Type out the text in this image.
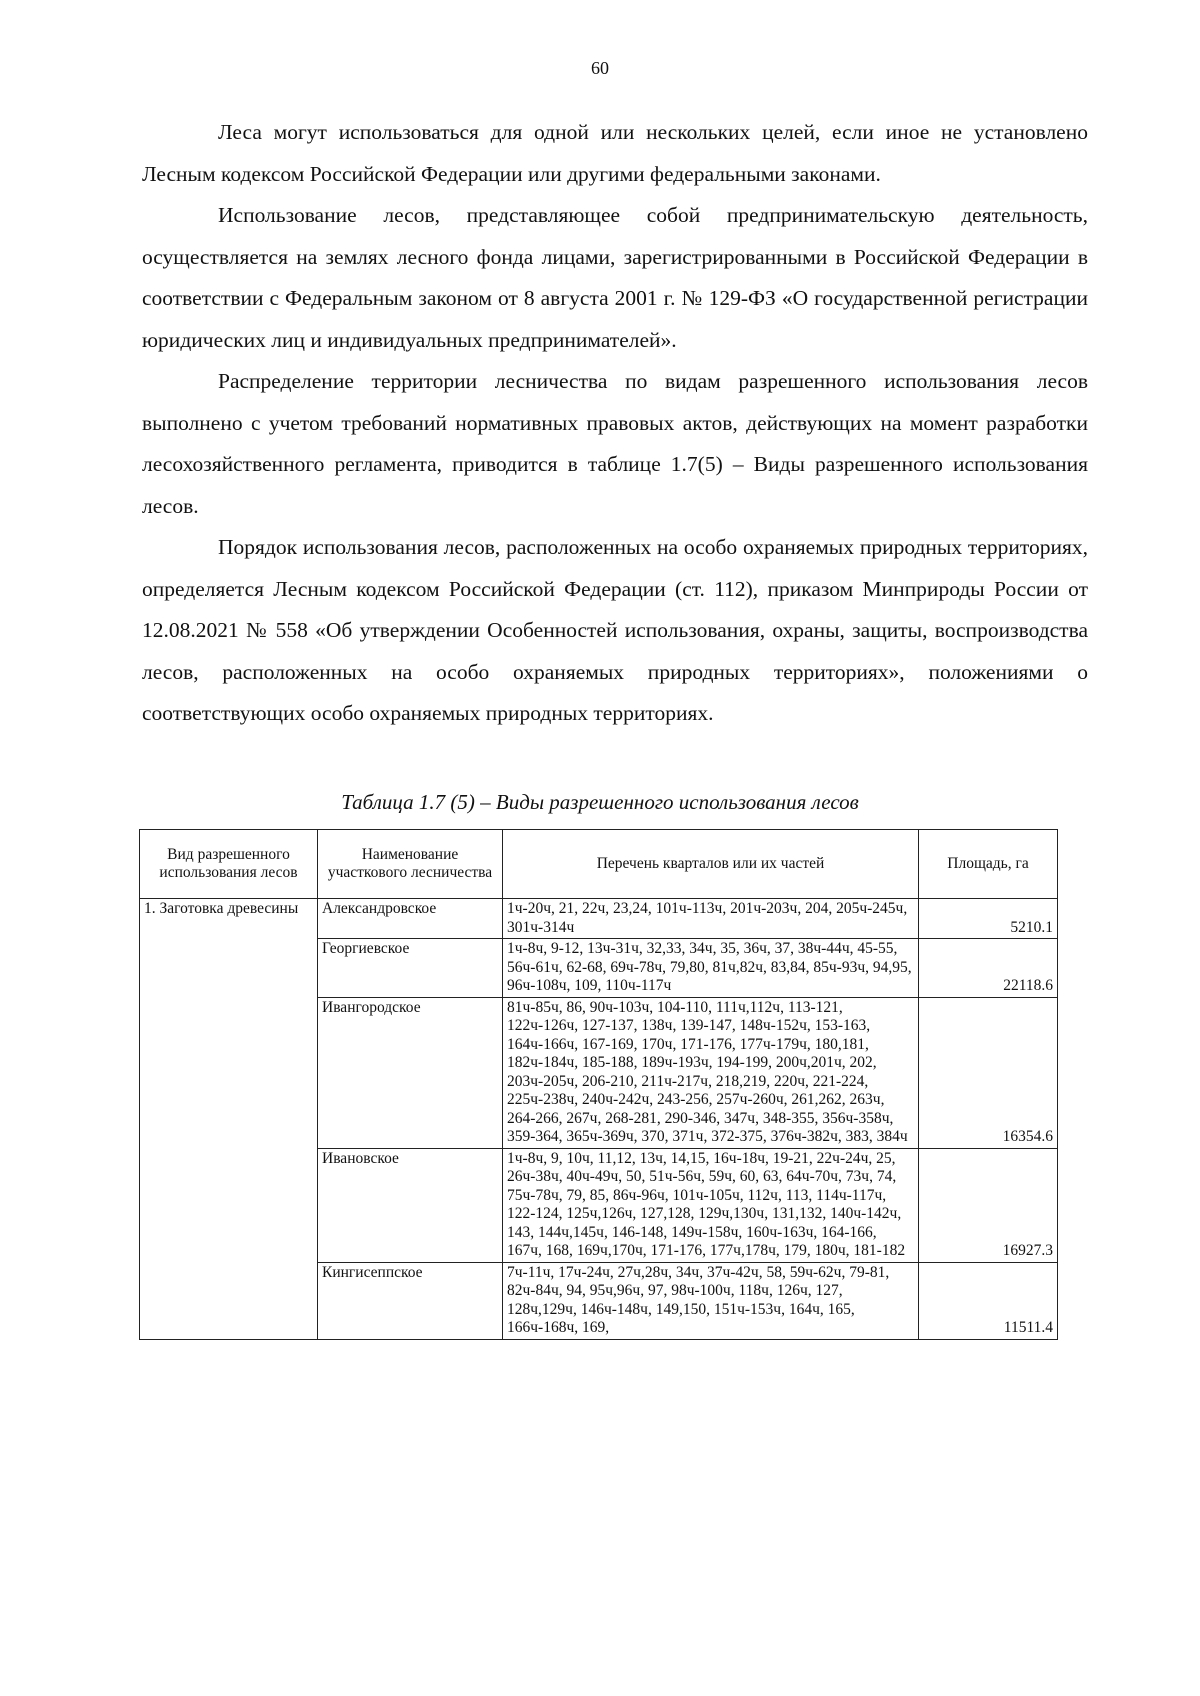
60

Леса могут использоваться для одной или нескольких целей, если иное не установлено Лесным кодексом Российской Федерации или другими федеральными законами.

Использование лесов, представляющее собой предпринимательскую деятельность, осуществляется на землях лесного фонда лицами, зарегистрированными в Российской Федерации в соответствии с Федеральным законом от 8 августа 2001 г. № 129-ФЗ «О государственной регистрации юридических лиц и индивидуальных предпринимателей».

Распределение территории лесничества по видам разрешенного использования лесов выполнено с учетом требований нормативных правовых актов, действующих на момент разработки лесохозяйственного регламента, приводится в таблице 1.7(5) – Виды разрешенного использования лесов.

Порядок использования лесов, расположенных на особо охраняемых природных территориях, определяется Лесным кодексом Российской Федерации (ст. 112), приказом Минприроды России от 12.08.2021 № 558 «Об утверждении Особенностей использования, охраны, защиты, воспроизводства лесов, расположенных на особо охраняемых природных территориях», положениями о соответствующих особо охраняемых природных территориях.

Таблица 1.7 (5) – Виды разрешенного использования лесов
Вид разрешенного использования лесов	Наименование участкового лесничества	Перечень кварталов или их частей	Площадь, га
1. Заготовка древесины	Александровское	1ч-20ч, 21, 22ч, 23,24, 101ч-113ч, 201ч-203ч, 204, 205ч-245ч, 301ч-314ч	5210.1
	Георгиевское	1ч-8ч, 9-12, 13ч-31ч, 32,33, 34ч, 35, 36ч, 37, 38ч-44ч, 45-55, 56ч-61ч, 62-68, 69ч-78ч, 79,80, 81ч,82ч, 83,84, 85ч-93ч, 94,95, 96ч-108ч, 109, 110ч-117ч	22118.6
	Ивангородское	81ч-85ч, 86, 90ч-103ч, 104-110, 111ч,112ч, 113-121, 122ч-126ч, 127-137, 138ч, 139-147, 148ч-152ч, 153-163, 164ч-166ч, 167-169, 170ч, 171-176, 177ч-179ч, 180,181, 182ч-184ч, 185-188, 189ч-193ч, 194-199, 200ч,201ч, 202, 203ч-205ч, 206-210, 211ч-217ч, 218,219, 220ч, 221-224, 225ч-238ч, 240ч-242ч, 243-256, 257ч-260ч, 261,262, 263ч, 264-266, 267ч, 268-281, 290-346, 347ч, 348-355, 356ч-358ч, 359-364, 365ч-369ч, 370, 371ч, 372-375, 376ч-382ч, 383, 384ч	16354.6
	Ивановское	1ч-8ч, 9, 10ч, 11,12, 13ч, 14,15, 16ч-18ч, 19-21, 22ч-24ч, 25, 26ч-38ч, 40ч-49ч, 50, 51ч-56ч, 59ч, 60, 63, 64ч-70ч, 73ч, 74, 75ч-78ч, 79, 85, 86ч-96ч, 101ч-105ч, 112ч, 113, 114ч-117ч, 122-124, 125ч,126ч, 127,128, 129ч,130ч, 131,132, 140ч-142ч, 143, 144ч,145ч, 146-148, 149ч-158ч, 160ч-163ч, 164-166, 167ч, 168, 169ч,170ч, 171-176, 177ч,178ч, 179, 180ч, 181-182	16927.3
	Кингисеппское	7ч-11ч, 17ч-24ч, 27ч,28ч, 34ч, 37ч-42ч, 58, 59ч-62ч, 79-81, 82ч-84ч, 94, 95ч,96ч, 97, 98ч-100ч, 118ч, 126ч, 127, 128ч,129ч, 146ч-148ч, 149,150, 151ч-153ч, 164ч, 165, 166ч-168ч, 169,	11511.4
